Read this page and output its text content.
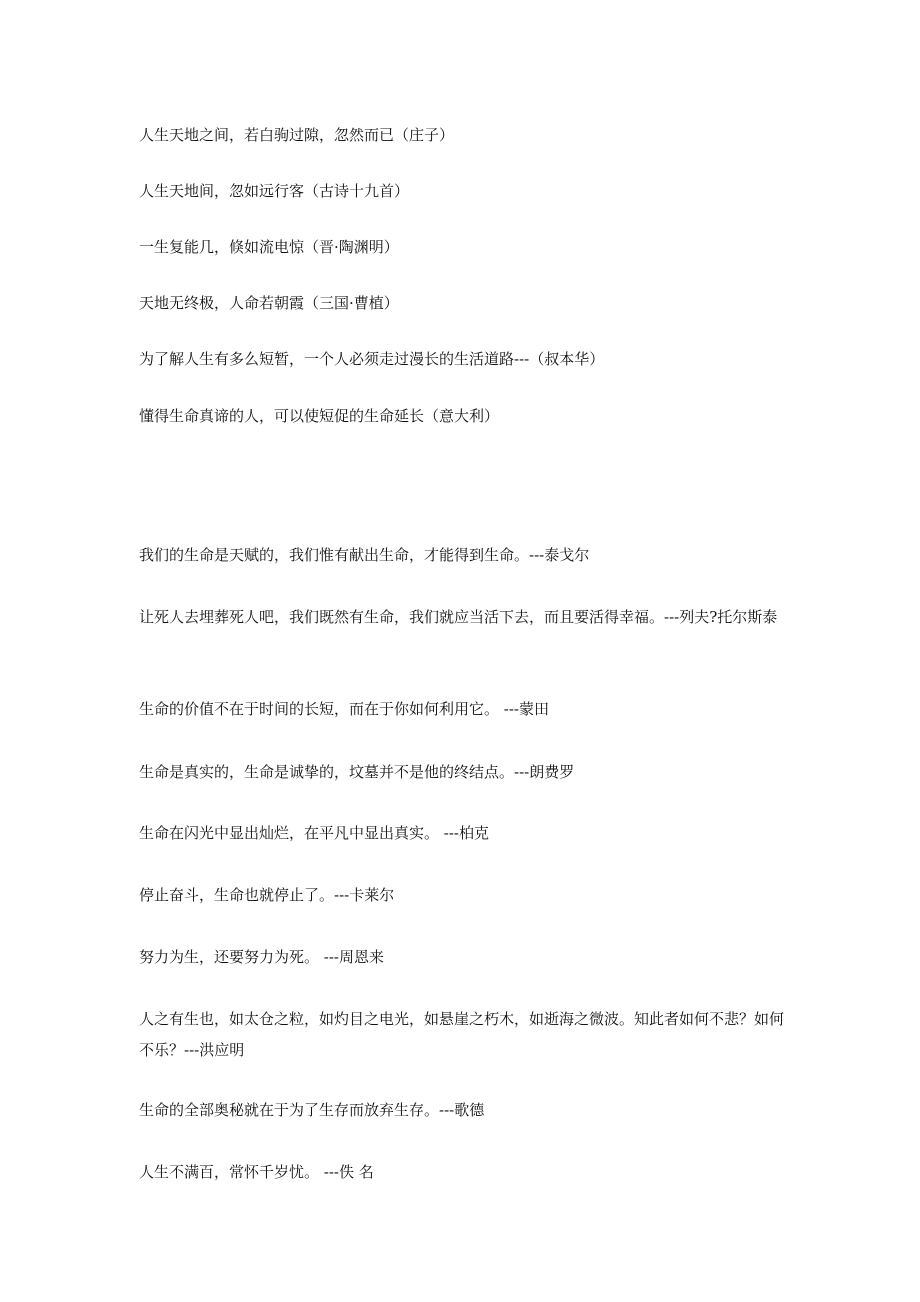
人生天地之间，若白驹过隙，忽然而已（庄子）
人生天地间，忽如远行客（古诗十九首）
一生复能几，倏如流电惊（晋·陶渊明）
天地无终极，人命若朝霞（三国·曹植）
为了解人生有多么短暂，一个人必须走过漫长的生活道路---（叔本华）
懂得生命真谛的人，可以使短促的生命延长（意大利）
我们的生命是天赋的，我们惟有献出生命，才能得到生命。---泰戈尔
让死人去埋葬死人吧，我们既然有生命，我们就应当活下去，而且要活得幸福。---列夫?托尔斯泰
生命的价值不在于时间的长短，而在于你如何利用它。 ---蒙田
生命是真实的，生命是诚挚的，坟墓并不是他的终结点。---朗费罗
生命在闪光中显出灿烂，在平凡中显出真实。 ---柏克
停止奋斗，生命也就停止了。---卡莱尔
努力为生，还要努力为死。 ---周恩来
人之有生也，如太仓之粒，如灼目之电光，如悬崖之朽木，如逝海之微波。知此者如何不悲？如何不乐？---洪应明
生命的全部奥秘就在于为了生存而放弃生存。---歌德
人生不满百，常怀千岁忧。 ---佚 名
